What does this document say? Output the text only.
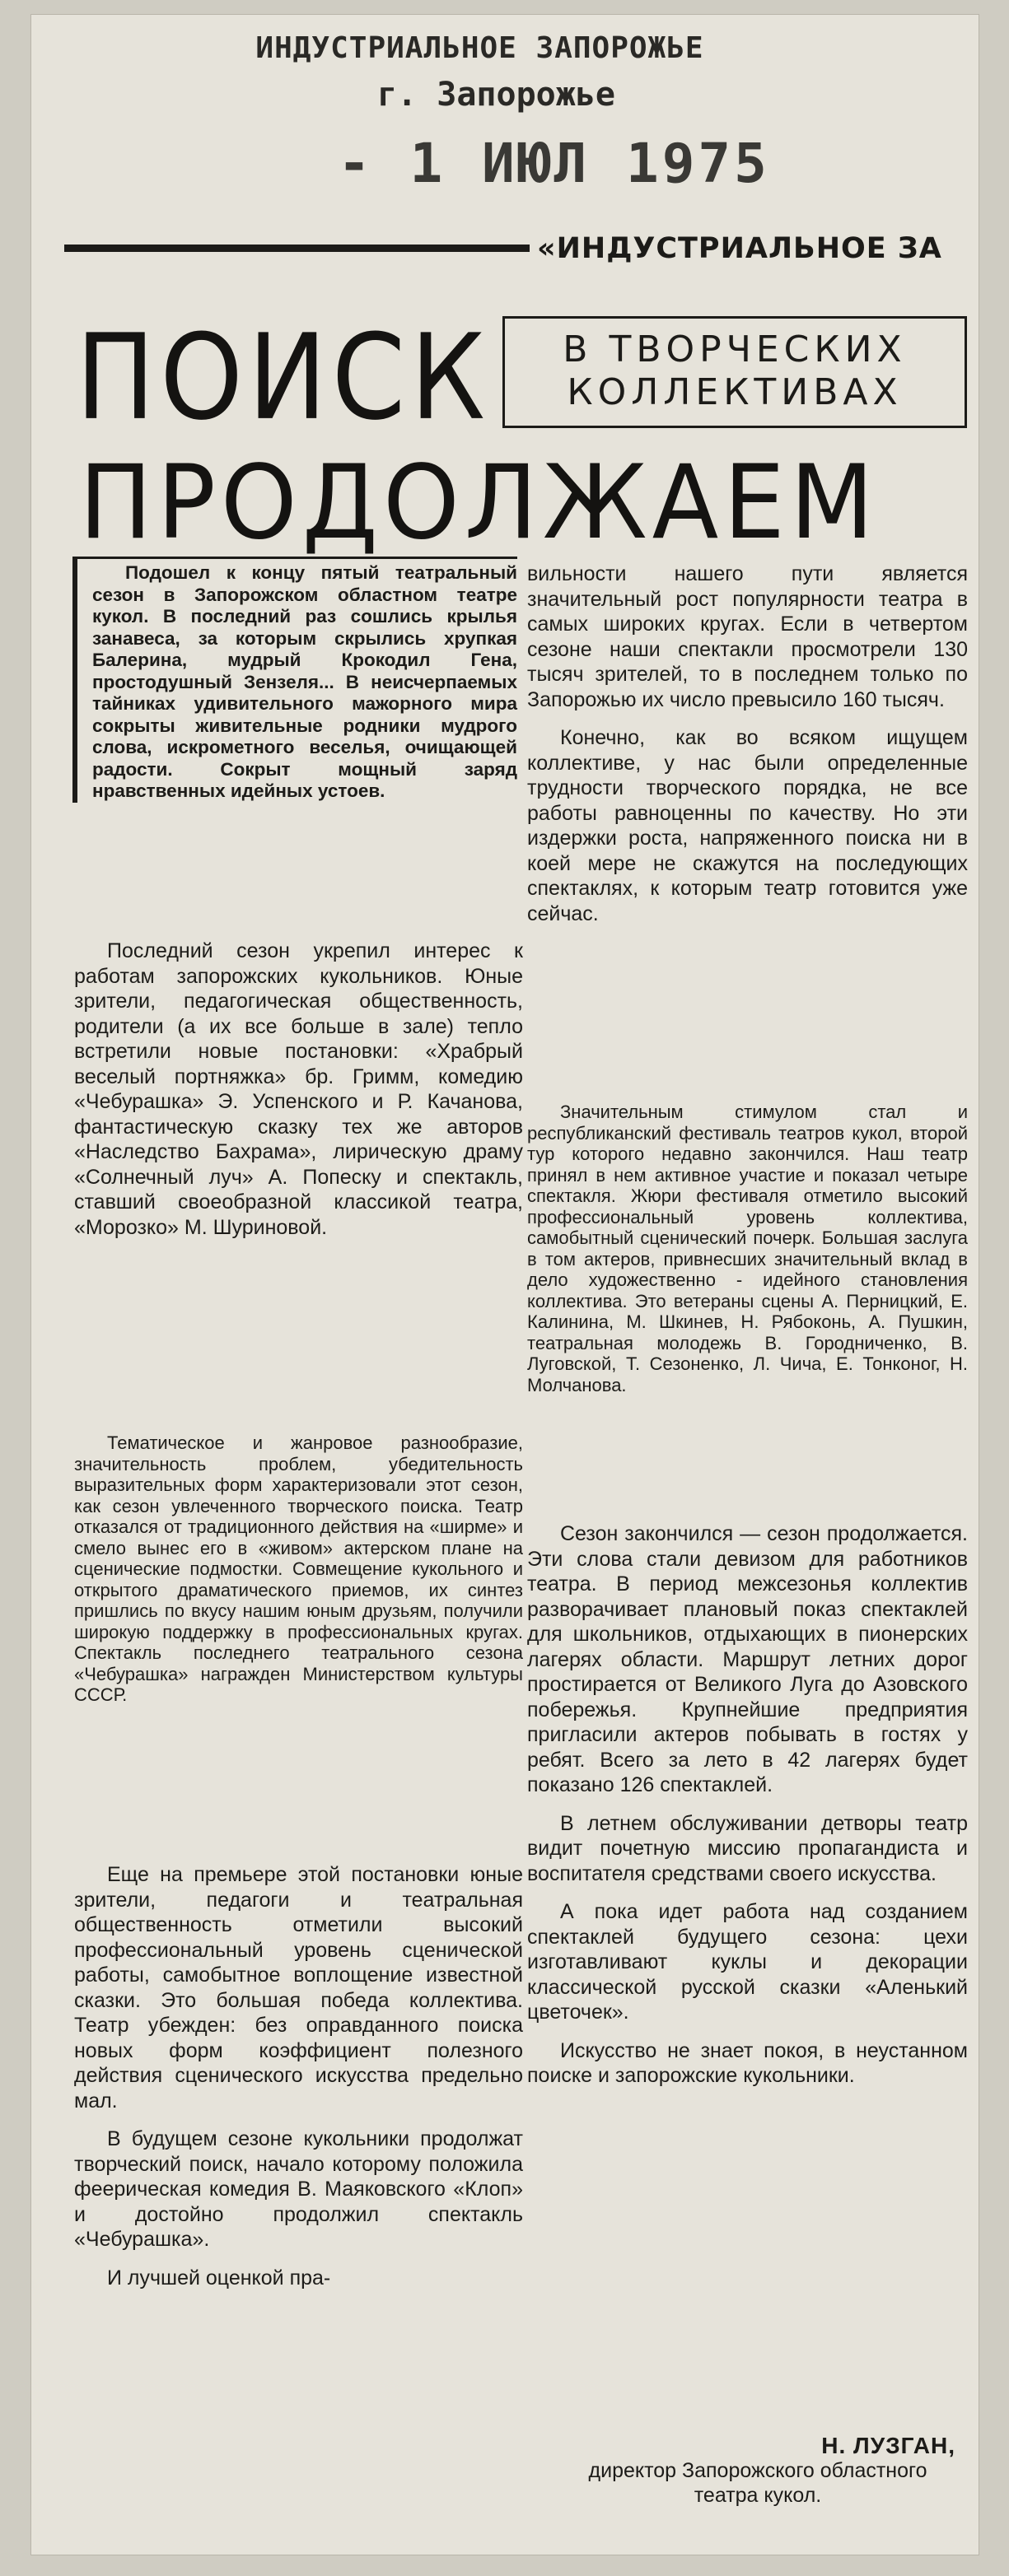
ИНДУСТРИАЛЬНОЕ ЗАПОРОЖЬЕ
г. Запорожье
- 1 ИЮЛ 1975
«ИНДУСТРИАЛЬНОЕ ЗА
ПОИСК	В ТВОРЧЕСКИХ
КОЛЛЕКТИВАХ
ПРОДОЛЖАЕМ

Подошел к концу пятый театральный сезон в Запорожском областном театре кукол. В последний раз сошлись крылья занавеса, за которым скрылись хрупкая Балерина, мудрый Крокодил Гена, простодушный Зензеля... В неисчерпаемых тайниках удивительного мажорного мира сокрыты живительные родники мудрого слова, искрометного веселья, очищающей радости. Сокрыт мощный заряд нравственных идейных устоев.

Последний сезон укрепил интерес к работам запорожских кукольников. Юные зрители, педагогическая общественность, родители (а их все больше в зале) тепло встретили новые постановки: «Храбрый веселый портняжка» бр. Гримм, комедию «Чебурашка» Э. Успенского и Р. Качанова, фантастическую сказку тех же авторов «Наследство Бахрама», лирическую драму «Солнечный луч» А. Попеску и спектакль, ставший своеобразной классикой театра, «Морозко» М. Шуриновой.

Тематическое и жанровое разнообразие, значительность проблем, убедительность выразительных форм характеризовали этот сезон, как сезон увлеченного творческого поиска. Театр отказался от традиционного действия на «ширме» и смело вынес его в «живом» актерском плане на сценические подмостки. Совмещение кукольного и открытого драматического приемов, их синтез пришлись по вкусу нашим юным друзьям, получили широкую поддержку в профессиональных кругах. Спектакль последнего театрального сезона «Чебурашка» награжден Министерством культуры СССР.

Еще на премьере этой постановки юные зрители, педагоги и театральная общественность отметили высокий профессиональный уровень сценической работы, самобытное воплощение известной сказки. Это большая победа коллектива. Театр убежден: без оправданного поиска новых форм коэффициент полезного действия сценического искусства предельно мал.

В будущем сезоне кукольники продолжат творческий поиск, начало которому положила феерическая комедия В. Маяковского «Клоп» и достойно продолжил спектакль «Чебурашка».

И лучшей оценкой пра-

вильности нашего пути является значительный рост популярности театра в самых широких кругах. Если в четвертом сезоне наши спектакли просмотрели 130 тысяч зрителей, то в последнем только по Запорожью их число превысило 160 тысяч.

Конечно, как во всяком ищущем коллективе, у нас были определенные трудности творческого порядка, не все работы равноценны по качеству. Но эти издержки роста, напряженного поиска ни в коей мере не скажутся на последующих спектаклях, к которым театр готовится уже сейчас.

Значительным стимулом стал и республиканский фестиваль театров кукол, второй тур которого недавно закончился. Наш театр принял в нем активное участие и показал четыре спектакля. Жюри фестиваля отметило высокий профессиональный уровень коллектива, самобытный сценический почерк. Большая заслуга в том актеров, привнесших значительный вклад в дело художественно - идейного становления коллектива. Это ветераны сцены А. Перницкий, Е. Калинина, М. Шкинев, Н. Рябоконь, А. Пушкин, театральная молодежь В. Городниченко, В. Луговской, Т. Сезоненко, Л. Чича, Е. Тонконог, Н. Молчанова.

Сезон закончился — сезон продолжается. Эти слова стали девизом для работников театра. В период межсезонья коллектив разворачивает плановый показ спектаклей для школьников, отдыхающих в пионерских лагерях области. Маршрут летних дорог простирается от Великого Луга до Азовского побережья. Крупнейшие предприятия пригласили актеров побывать в гостях у ребят. Всего за лето в 42 лагерях будет показано 126 спектаклей.

В летнем обслуживании детворы театр видит почетную миссию пропагандиста и воспитателя средствами своего искусства.

А пока идет работа над созданием спектаклей будущего сезона: цехи изготавливают куклы и декорации классической русской сказки «Аленький цветочек».

Искусство не знает покоя, в неустанном поиске и запорожские кукольники.

Н. ЛУЗГАН,
директор Запорожского областного театра кукол.
